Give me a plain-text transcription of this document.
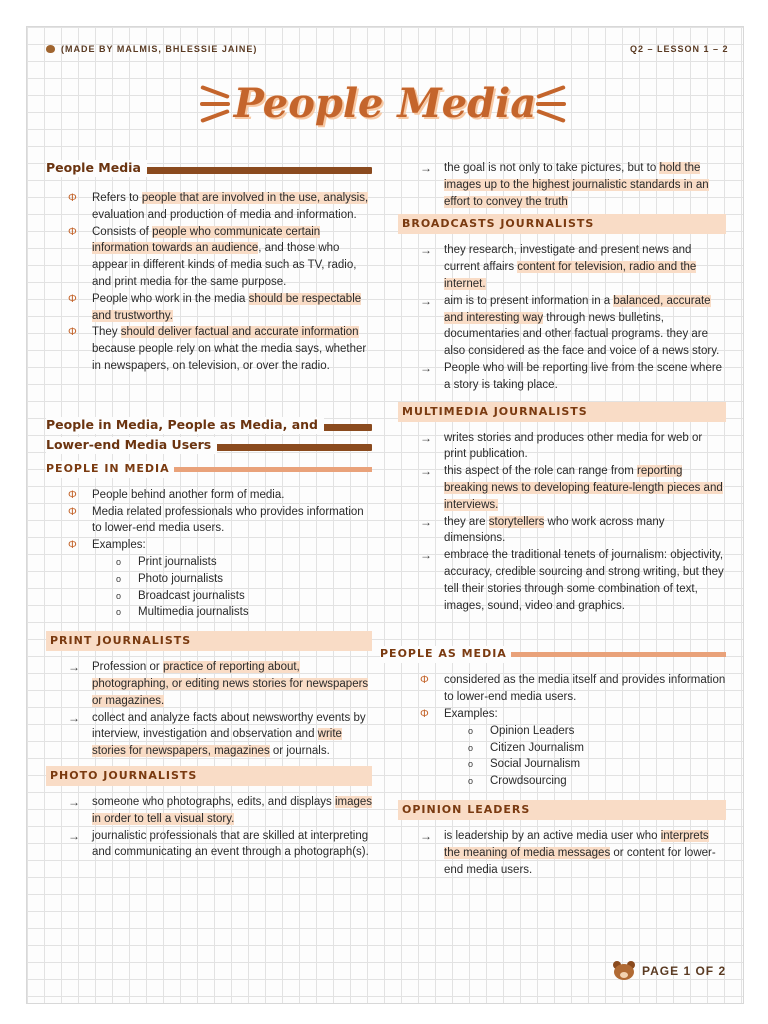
(MADE BY MALMIS, BHLESSIE JAINE)	Q2 – LESSON 1 – 2
People Media
People Media
Φ Refers to people that are involved in the use, analysis, evaluation and production of media and information.
Φ Consists of people who communicate certain information towards an audience, and those who appear in different kinds of media such as TV, radio, and print media for the same purpose.
Φ People who work in the media should be respectable and trustworthy.
Φ They should deliver factual and accurate information because people rely on what the media says, whether in newspapers, on television, or over the radio.
People in Media, People as Media, and
Lower-end Media Users
PEOPLE IN MEDIA
Φ People behind another form of media.
Φ Media related professionals who provides information to lower-end media users.
Φ Examples:
o Print journalists
o Photo journalists
o Broadcast journalists
o Multimedia journalists
PRINT JOURNALISTS
→ Profession or practice of reporting about, photographing, or editing news stories for newspapers or magazines.
→ collect and analyze facts about newsworthy events by interview, investigation and observation and write stories for newspapers, magazines or journals.
PHOTO JOURNALISTS
→ someone who photographs, edits, and displays images in order to tell a visual story.
→ journalistic professionals that are skilled at interpreting and communicating an event through a photograph(s).
→ the goal is not only to take pictures, but to hold the images up to the highest journalistic standards in an effort to convey the truth
BROADCASTS JOURNALISTS
→ they research, investigate and present news and current affairs content for television, radio and the internet.
→ aim is to present information in a balanced, accurate and interesting way through news bulletins, documentaries and other factual programs. they are also considered as the face and voice of a news story.
→ People who will be reporting live from the scene where a story is taking place.
MULTIMEDIA JOURNALISTS
→ writes stories and produces other media for web or print publication.
→ this aspect of the role can range from reporting breaking news to developing feature-length pieces and interviews.
→ they are storytellers who work across many dimensions.
→ embrace the traditional tenets of journalism: objectivity, accuracy, credible sourcing and strong writing, but they tell their stories through some combination of text, images, sound, video and graphics.
PEOPLE AS MEDIA
Φ considered as the media itself and provides information to lower-end media users.
Φ Examples:
o Opinion Leaders
o Citizen Journalism
o Social Journalism
o Crowdsourcing
OPINION LEADERS
→ is leadership by an active media user who interprets the meaning of media messages or content for lower-end media users.
PAGE 1 OF 2
